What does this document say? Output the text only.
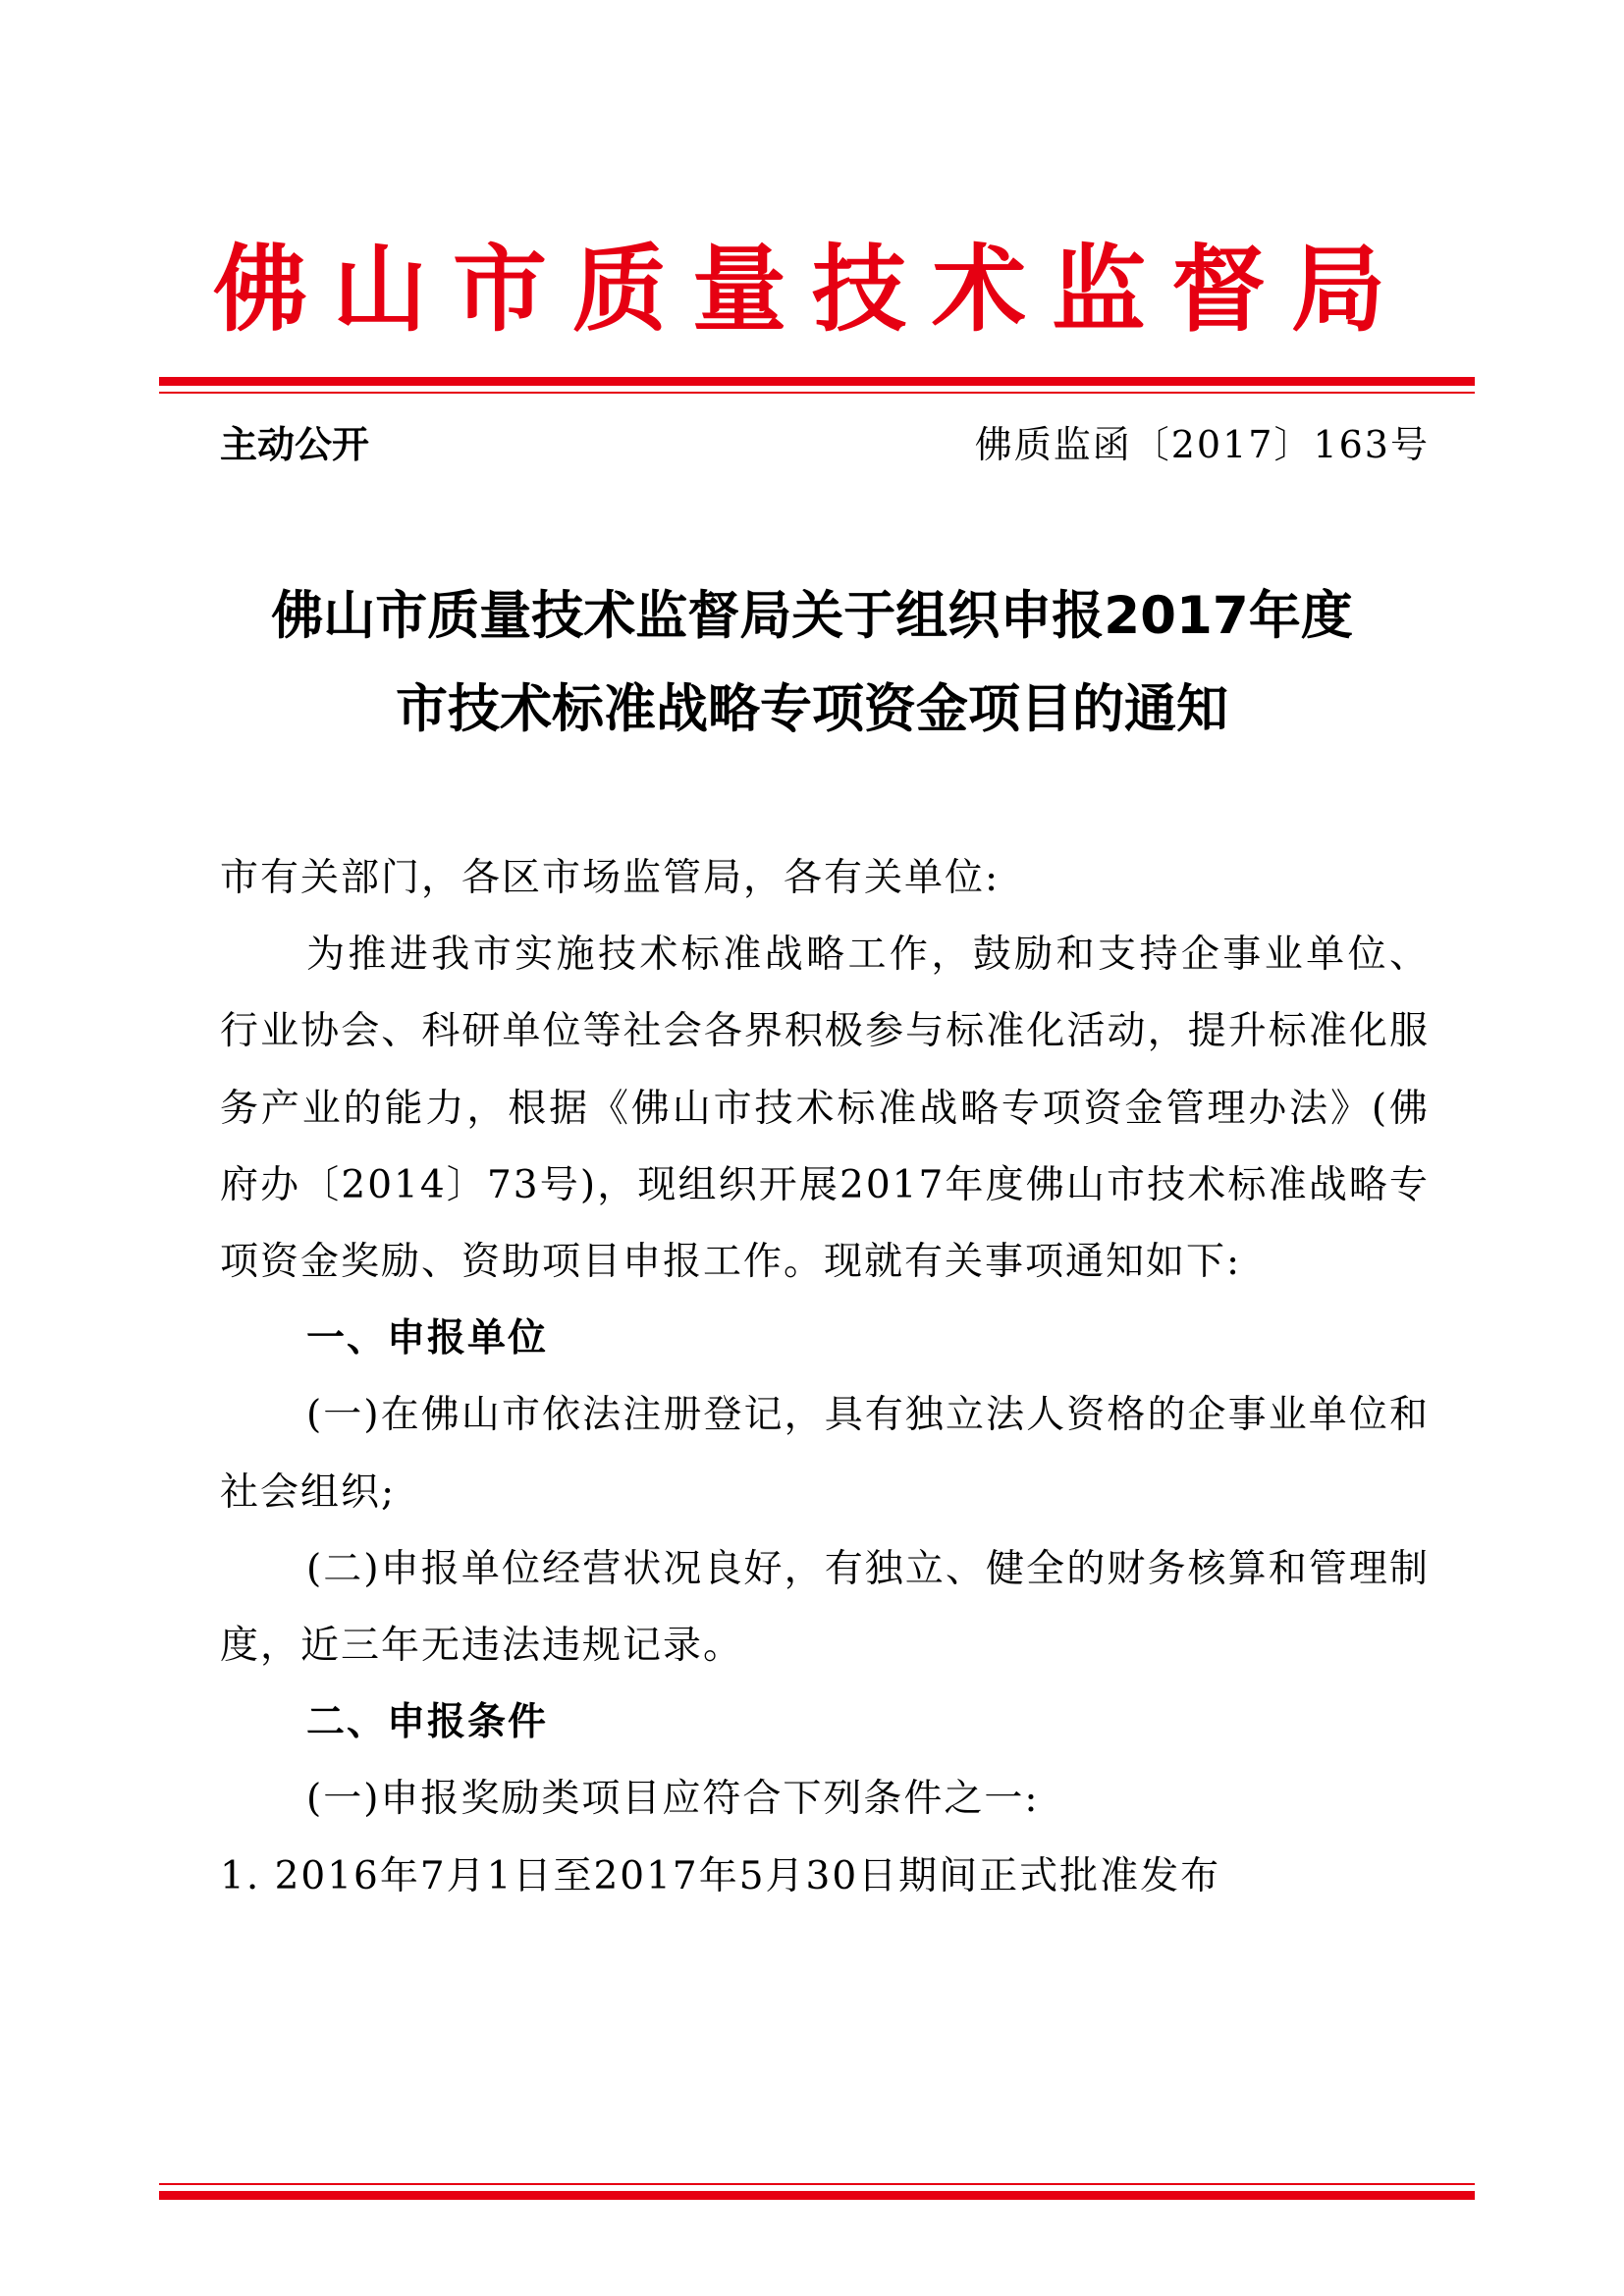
佛山市质量技术监督局
主动公开	佛质监函〔2017〕163号
佛山市质量技术监督局关于组织申报2017年度
市技术标准战略专项资金项目的通知

市有关部门，各区市场监管局，各有关单位:

为推进我市实施技术标准战略工作，鼓励和支持企事业单位、行业协会、科研单位等社会各界积极参与标准化活动，提升标准化服务产业的能力，根据《佛山市技术标准战略专项资金管理办法》(佛府办〔2014〕73号)，现组织开展2017年度佛山市技术标准战略专项资金奖励、资助项目申报工作。现就有关事项通知如下:

一、申报单位

(一)在佛山市依法注册登记，具有独立法人资格的企事业单位和社会组织;

(二)申报单位经营状况良好，有独立、健全的财务核算和管理制度，近三年无违法违规记录。

二、申报条件

(一)申报奖励类项目应符合下列条件之一:

1. 2016年7月1日至2017年5月30日期间正式批准发布
